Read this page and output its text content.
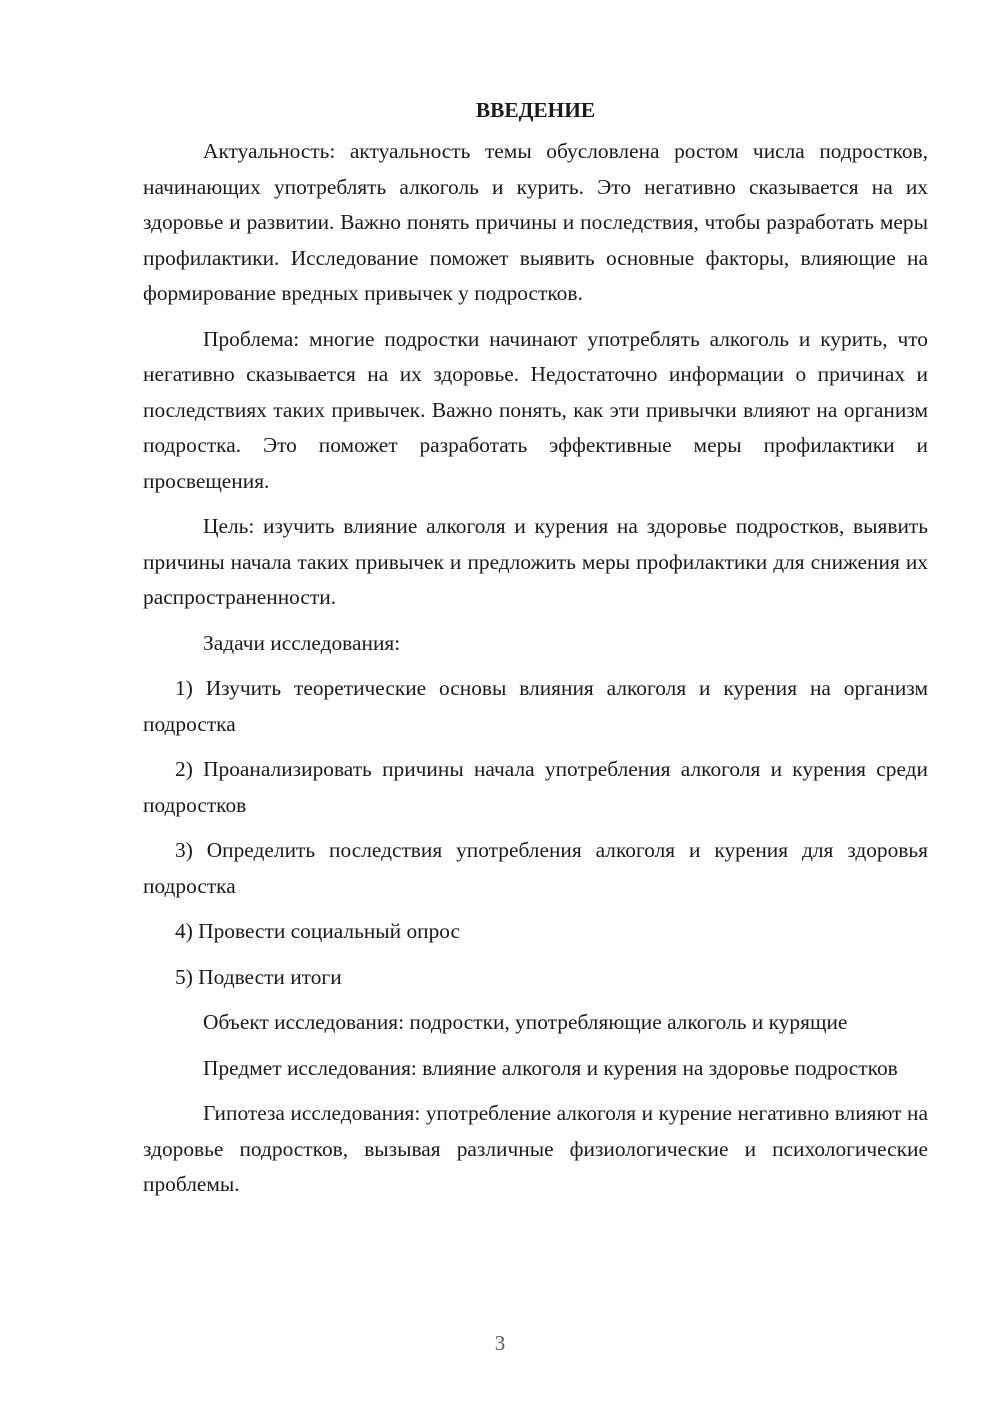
ВВЕДЕНИЕ

Актуальность: актуальность темы обусловлена ростом числа подростков, начинающих употреблять алкоголь и курить. Это негативно сказывается на их здоровье и развитии. Важно понять причины и последствия, чтобы разработать меры профилактики. Исследование поможет выявить основные факторы, влияющие на формирование вредных привычек у подростков.

Проблема: многие подростки начинают употреблять алкоголь и курить, что негативно сказывается на их здоровье. Недостаточно информации о причинах и последствиях таких привычек. Важно понять, как эти привычки влияют на организм подростка. Это поможет разработать эффективные меры профилактики и просвещения.

Цель: изучить влияние алкоголя и курения на здоровье подростков, выявить причины начала таких привычек и предложить меры профилактики для снижения их распространенности.

Задачи исследования:

1) Изучить теоретические основы влияния алкоголя и курения на организм подростка

2) Проанализировать причины начала употребления алкоголя и курения среди подростков

3) Определить последствия употребления алкоголя и курения для здоровья подростка

4) Провести социальный опрос

5) Подвести итоги

Объект исследования: подростки, употребляющие алкоголь и курящие

Предмет исследования: влияние алкоголя и курения на здоровье подростков

Гипотеза исследования: употребление алкоголя и курение негативно влияют на здоровье подростков, вызывая различные физиологические и психологические проблемы.

3
